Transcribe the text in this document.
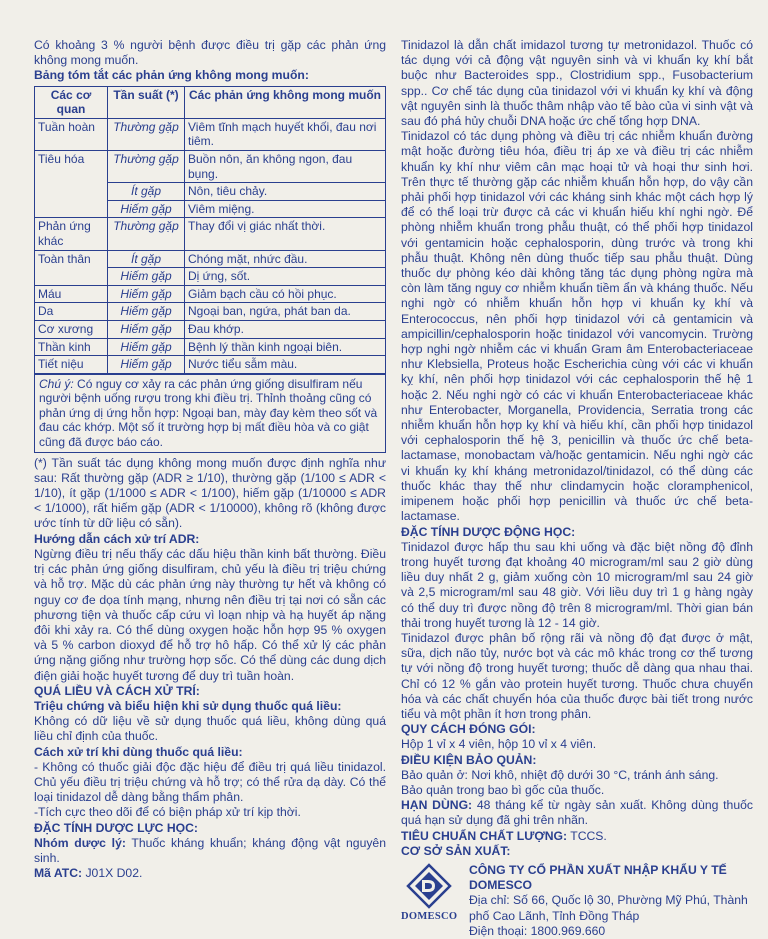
Có khoảng 3 % người bệnh được điều trị gặp các phản ứng không mong muốn.

Bảng tóm tắt các phản ứng không mong muốn:

Các cơ quan	Tần suất (*)	Các phản ứng không mong muốn
Tuần hoàn	Thường gặp	Viêm tĩnh mạch huyết khối, đau nơi tiêm.
Tiêu hóa	Thường gặp	Buồn nôn, ăn không ngon, đau bụng.
	Ít gặp	Nôn, tiêu chảy.
	Hiếm gặp	Viêm miệng.
Phản ứng khác	Thường gặp	Thay đổi vị giác nhất thời.
Toàn thân	Ít gặp	Chóng mặt, nhức đầu.
	Hiếm gặp	Dị ứng, sốt.
Máu	Hiếm gặp	Giảm bạch cầu có hồi phục.
Da	Hiếm gặp	Ngoại ban, ngứa, phát ban da.
Cơ xương	Hiếm gặp	Đau khớp.
Thần kinh	Hiếm gặp	Bệnh lý thần kinh ngoại biên.
Tiết niệu	Hiếm gặp	Nước tiểu sẫm màu.
Chú ý: Có nguy cơ xảy ra các phản ứng giống disulfiram nếu người bệnh uống rượu trong khi điều trị. Thỉnh thoảng cũng có phản ứng dị ứng hỗn hợp: Ngoại ban, mày đay kèm theo sốt và đau các khớp. Một số ít trường hợp bị mất điều hòa và co giật cũng đã được báo cáo.

(*) Tần suất tác dụng không mong muốn được định nghĩa như sau: Rất thường gặp (ADR ≥ 1/10), thường gặp (1/100 ≤ ADR < 1/10), ít gặp (1/1000 ≤ ADR < 1/100), hiếm gặp (1/10000 ≤ ADR < 1/1000), rất hiếm gặp (ADR < 1/10000), không rõ (không được ước tính từ dữ liệu có sẵn).

Hướng dẫn cách xử trí ADR:

Ngừng điều trị nếu thấy các dấu hiệu thần kinh bất thường. Điều trị các phản ứng giống disulfiram, chủ yếu là điều trị triệu chứng và hỗ trợ. Mặc dù các phản ứng này thường tự hết và không có nguy cơ đe dọa tính mạng, nhưng nên điều trị tại nơi có sẵn các phương tiện và thuốc cấp cứu vì loạn nhịp và hạ huyết áp nặng đôi khi xảy ra. Có thể dùng oxygen hoặc hỗn hợp 95 % oxygen và 5 % carbon dioxyd để hỗ trợ hô hấp. Có thể xử lý các phản ứng nặng giống như trường hợp sốc. Có thể dùng các dung dịch điện giải hoặc huyết tương để duy trì tuần hoàn.

QUÁ LIỀU VÀ CÁCH XỬ TRÍ:

Triệu chứng và biểu hiện khi sử dụng thuốc quá liều:

Không có dữ liệu về sử dụng thuốc quá liều, không dùng quá liều chỉ định của thuốc.

Cách xử trí khi dùng thuốc quá liều:

- Không có thuốc giải độc đặc hiệu để điều trị quá liều tinidazol. Chủ yếu điều trị triệu chứng và hỗ trợ; có thể rửa dạ dày. Có thể loại tinidazol dễ dàng bằng thẩm phân.

-Tích cực theo dõi để có biện pháp xử trí kịp thời.

ĐẶC TÍNH DƯỢC LỰC HỌC:

Nhóm dược lý: Thuốc kháng khuẩn; kháng động vật nguyên sinh.

Mã ATC: J01X D02.

Tinidazol là dẫn chất imidazol tương tự metronidazol. Thuốc có tác dụng với cả động vật nguyên sinh và vi khuẩn kỵ khí bắt buộc như Bacteroides spp., Clostridium spp., Fusobacterium spp.. Cơ chế tác dụng của tinidazol với vi khuẩn kỵ khí và động vật nguyên sinh là thuốc thâm nhập vào tế bào của vi sinh vật và sau đó phá hủy chuỗi DNA hoặc ức chế tổng hợp DNA.

Tinidazol có tác dụng phòng và điều trị các nhiễm khuẩn đường mật hoặc đường tiêu hóa, điều trị áp xe và điều trị các nhiễm khuẩn kỵ khí như viêm cân mạc hoại tử và hoại thư sinh hơi. Trên thực tế thường gặp các nhiễm khuẩn hỗn hợp, do vậy cần phải phối hợp tinidazol với các kháng sinh khác một cách hợp lý để có thể loại trừ được cả các vi khuẩn hiếu khí nghi ngờ. Để phòng nhiễm khuẩn trong phẫu thuật, có thể phối hợp tinidazol với gentamicin hoặc cephalosporin, dùng trước và trong khi phẫu thuật. Không nên dùng thuốc tiếp sau phẫu thuật. Dùng thuốc dự phòng kéo dài không tăng tác dụng phòng ngừa mà còn làm tăng nguy cơ nhiễm khuẩn tiềm ẩn và kháng thuốc. Nếu nghi ngờ có nhiễm khuẩn hỗn hợp vi khuẩn kỵ khí và Enterococcus, nên phối hợp tinidazol với cả gentamicin và ampicillin/cephalosporin hoặc tinidazol với vancomycin. Trường hợp nghi ngờ nhiễm các vi khuẩn Gram âm Enterobacteriaceae như Klebsiella, Proteus hoặc Escherichia cùng với các vi khuẩn kỵ khí, nên phối hợp tinidazol với các cephalosporin thế hệ 1 hoặc 2. Nếu nghi ngờ có các vi khuẩn Enterobacteriaceae khác như Enterobacter, Morganella, Providencia, Serratia trong các nhiễm khuẩn hỗn hợp kỵ khí và hiếu khí, cần phối hợp tinidazol với cephalosporin thế hệ 3, penicillin và thuốc ức chế beta-lactamase, monobactam và/hoặc gentamicin. Nếu nghi ngờ các vi khuẩn kỵ khí kháng metronidazol/tinidazol, có thể dùng các thuốc khác thay thế như clindamycin hoặc cloramphenicol, imipenem hoặc phối hợp penicillin và thuốc ức chế beta-lactamase.

ĐẶC TÍNH DƯỢC ĐỘNG HỌC:

Tinidazol được hấp thu sau khi uống và đặc biệt nồng độ đỉnh trong huyết tương đạt khoảng 40 microgram/ml sau 2 giờ dùng liều duy nhất 2 g, giảm xuống còn 10 microgram/ml sau 24 giờ và 2,5 microgram/ml sau 48 giờ. Với liều duy trì 1 g hàng ngày có thể duy trì được nồng độ trên 8 microgram/ml. Thời gian bán thải trong huyết tương là 12 - 14 giờ.

Tinidazol được phân bố rộng rãi và nồng độ đạt được ở mật, sữa, dịch não tủy, nước bọt và các mô khác trong cơ thể tương tự với nồng độ trong huyết tương; thuốc dễ dàng qua nhau thai. Chỉ có 12 % gắn vào protein huyết tương. Thuốc chưa chuyển hóa và các chất chuyển hóa của thuốc được bài tiết trong nước tiểu và một phần ít hơn trong phân.

QUY CÁCH ĐÓNG GÓI:

Hộp 1 vỉ x 4 viên, hộp 10 vỉ x 4 viên.

ĐIỀU KIỆN BẢO QUẢN:

Bảo quản ở: Nơi khô, nhiệt độ dưới 30 °C, tránh ánh sáng.

Bảo quản trong bao bì gốc của thuốc.

HẠN DÙNG: 48 tháng kể từ ngày sản xuất. Không dùng thuốc quá hạn sử dụng đã ghi trên nhãn.

TIÊU CHUẨN CHẤT LƯỢNG: TCCS.

CƠ SỞ SẢN XUẤT:

DOMESCO

CÔNG TY CỔ PHẦN XUẤT NHẬP KHẨU Y TẾ DOMESCO

Địa chỉ: Số 66, Quốc lộ 30, Phường Mỹ Phú, Thành phố Cao Lãnh, Tỉnh Đồng Tháp

Điện thoại: 1800.969.660
